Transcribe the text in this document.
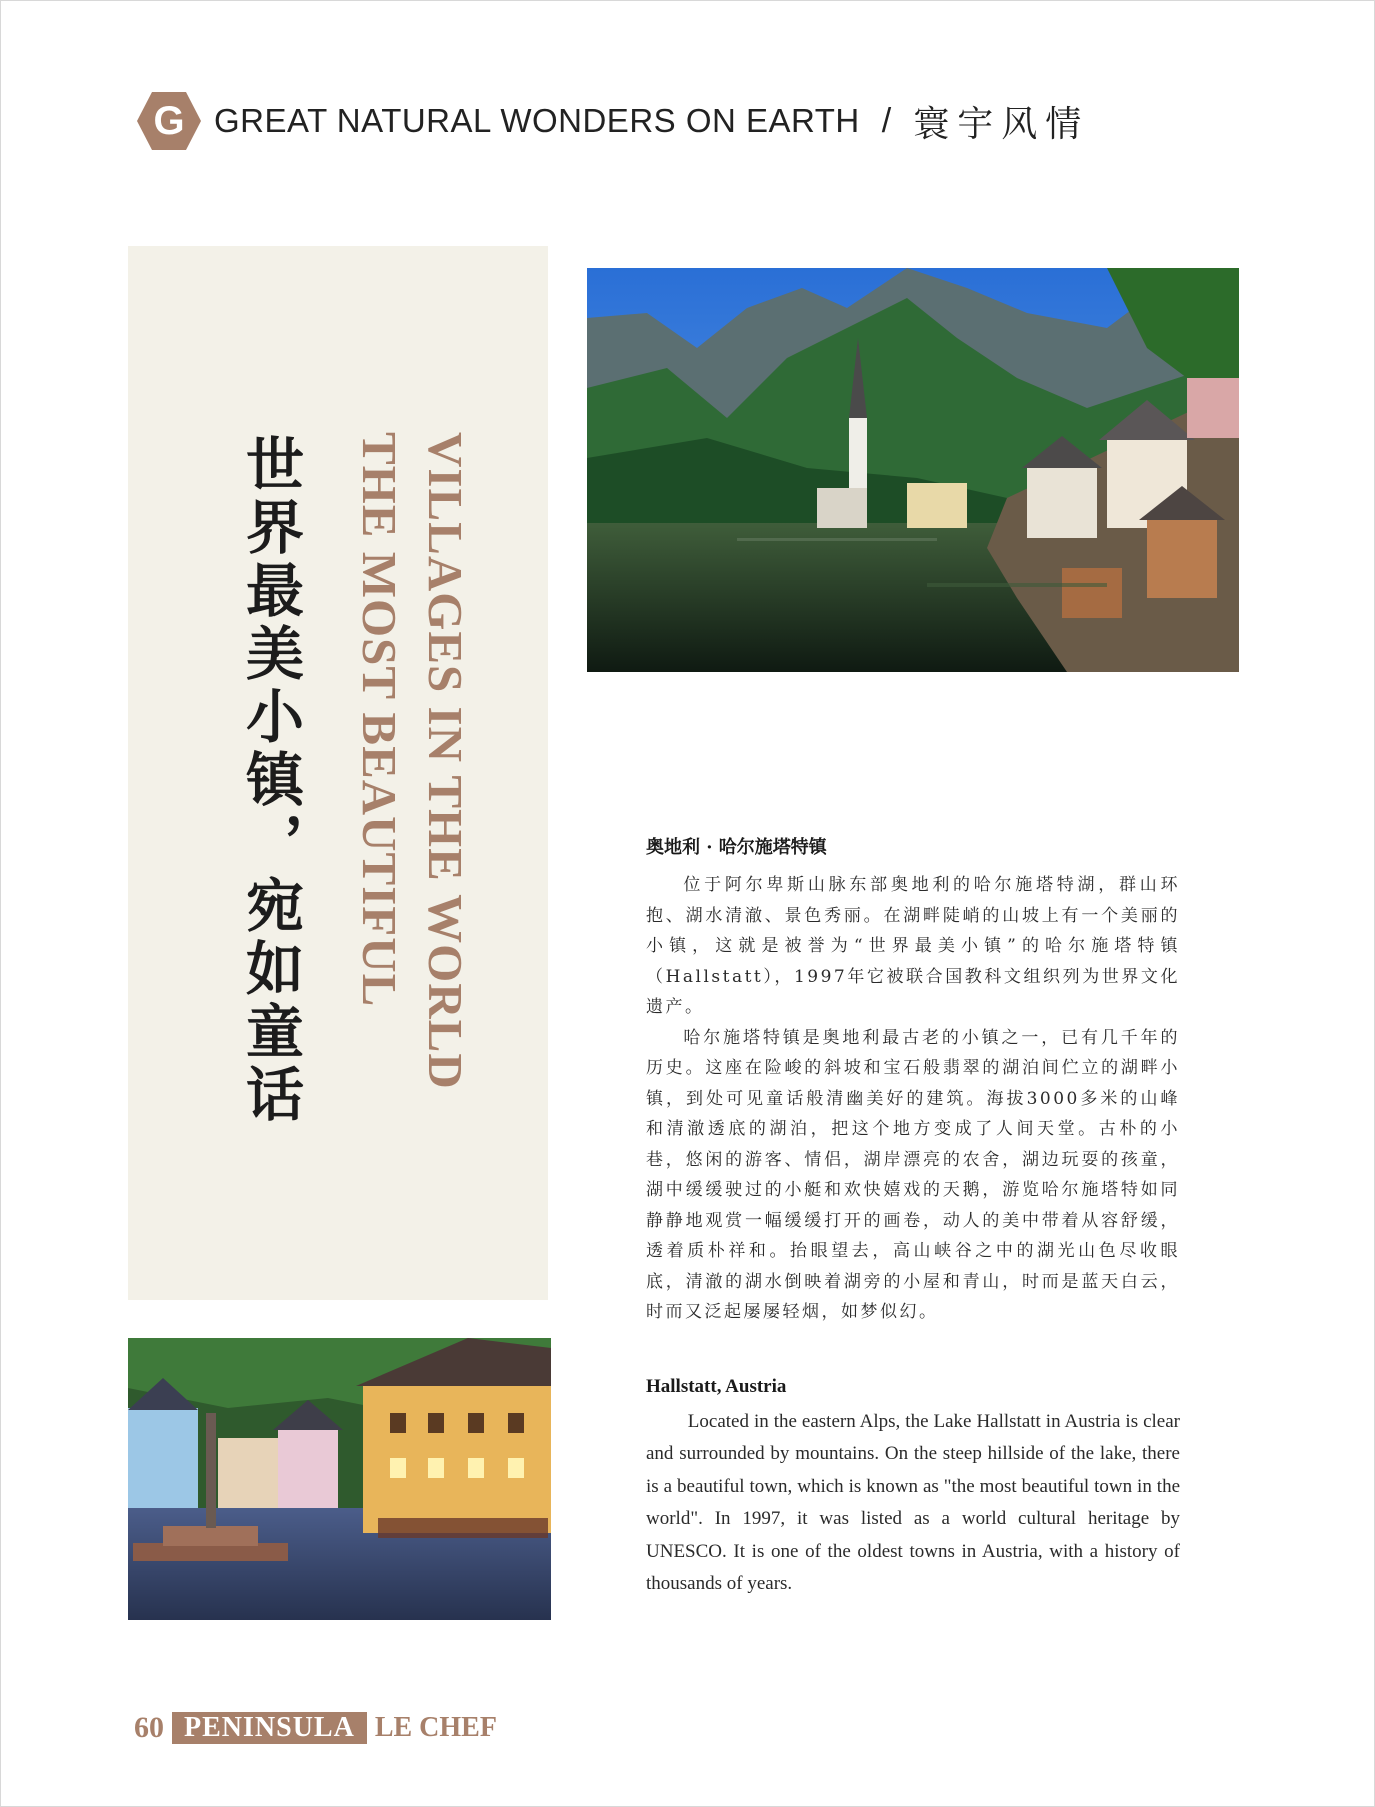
G GREAT NATURAL WONDERS ON EARTH / 寰宇风情
世界最美小镇，宛如童话	VILLAGES IN THE WORLD
THE MOST BEAUTIFUL	奥地利 · 哈尔施塔特镇

位于阿尔卑斯山脉东部奥地利的哈尔施塔特湖，群山环抱、湖水清澈、景色秀丽。在湖畔陡峭的山坡上有一个美丽的小镇，这就是被誉为“世界最美小镇”的哈尔施塔特镇（Hallstatt），1997年它被联合国教科文组织列为世界文化遗产。

哈尔施塔特镇是奥地利最古老的小镇之一，已有几千年的历史。这座在险峻的斜坡和宝石般翡翠的湖泊间伫立的湖畔小镇，到处可见童话般清幽美好的建筑。海拔3000多米的山峰和清澈透底的湖泊，把这个地方变成了人间天堂。古朴的小巷，悠闲的游客、情侣，湖岸漂亮的农舍，湖边玩耍的孩童，湖中缓缓驶过的小艇和欢快嬉戏的天鹅，游览哈尔施塔特如同静静地观赏一幅缓缓打开的画卷，动人的美中带着从容舒缓，透着质朴祥和。抬眼望去，高山峡谷之中的湖光山色尽收眼底，清澈的湖水倒映着湖旁的小屋和青山，时而是蓝天白云，时而又泛起屡屡轻烟，如梦似幻。

Hallstatt, Austria

Located in the eastern Alps, the Lake Hallstatt in Austria is clear and surrounded by mountains. On the steep hillside of the lake, there is a beautiful town, which is known as "the most beautiful town in the world". In 1997, it was listed as a world cultural heritage by UNESCO. It is one of the oldest towns in Austria, with a history of thousands of years.

60 PENINSULA LE CHEF
